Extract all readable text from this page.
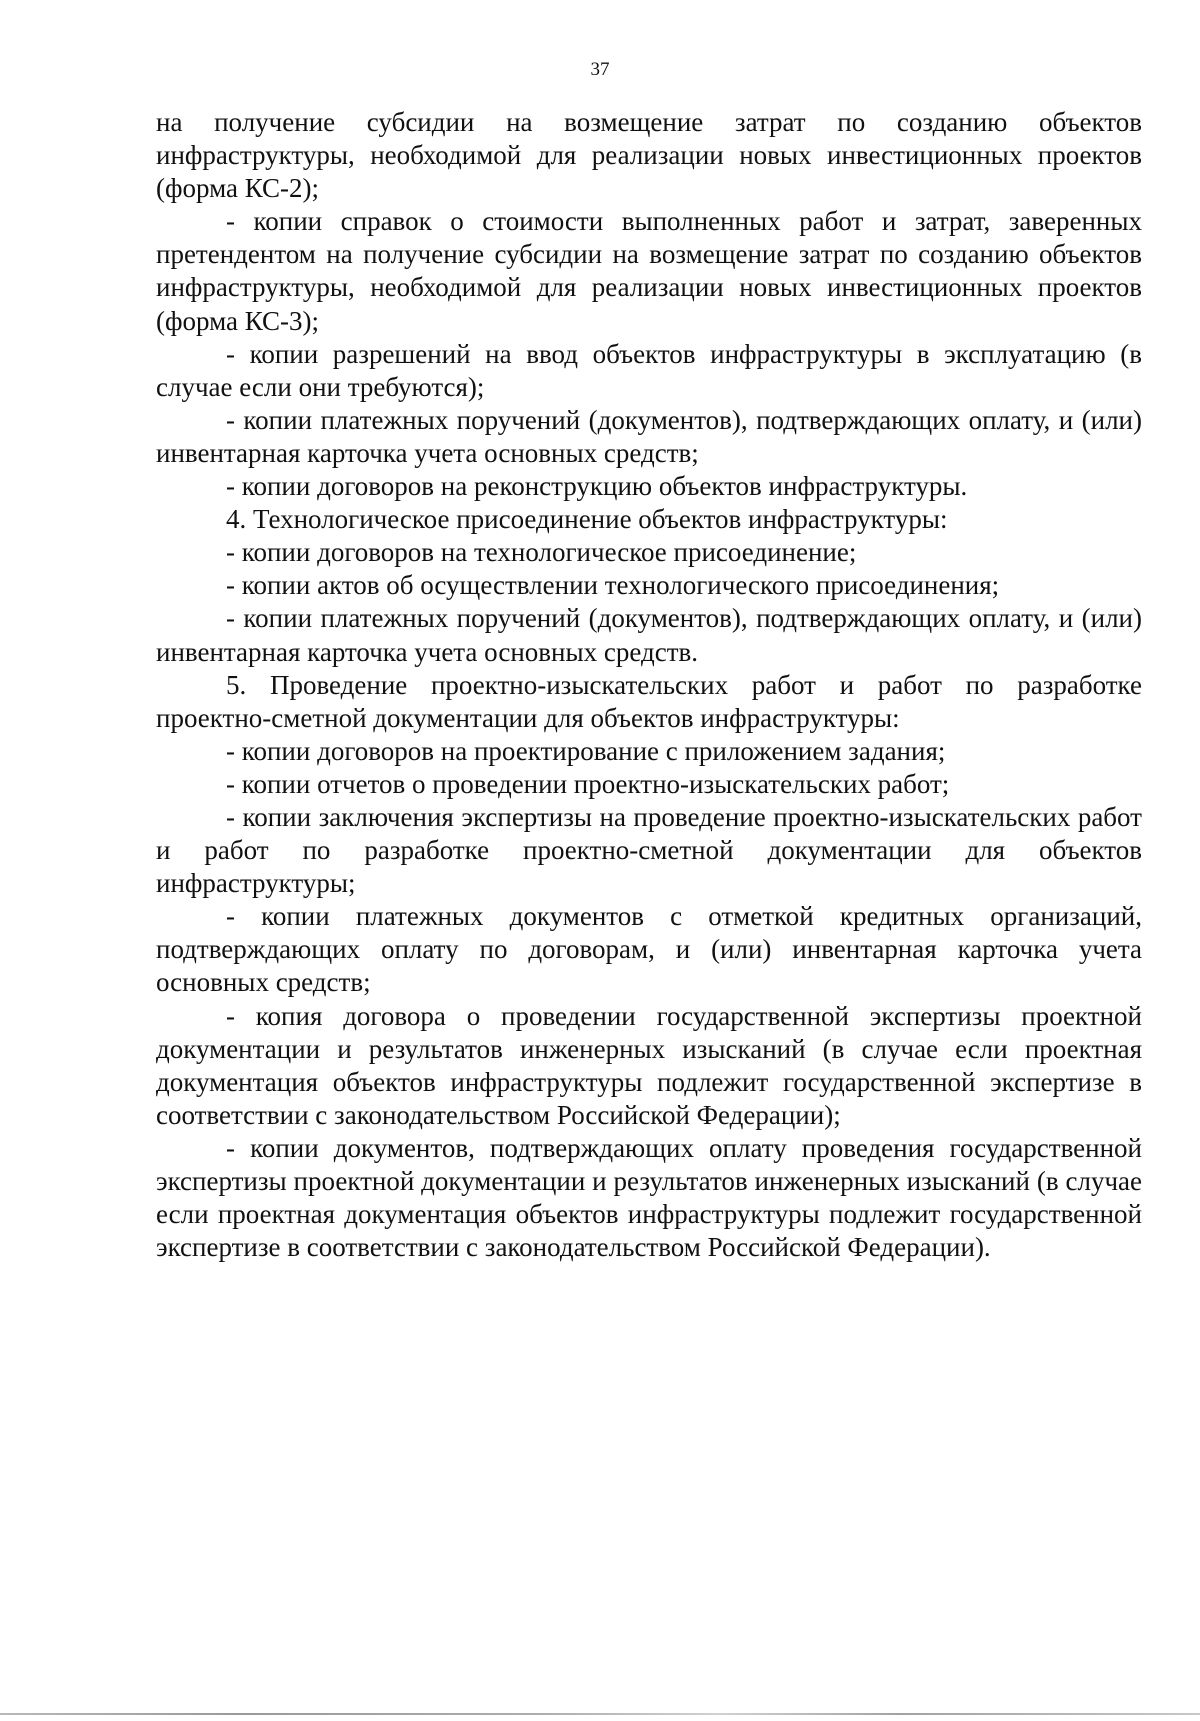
37

на получение субсидии на возмещение затрат по созданию объектов инфраструктуры, необходимой для реализации новых инвестиционных проектов (форма КС-2);

- копии справок о стоимости выполненных работ и затрат, заверенных претендентом на получение субсидии на возмещение затрат по созданию объектов инфраструктуры, необходимой для реализации новых инвестиционных проектов (форма КС-3);

- копии разрешений на ввод объектов инфраструктуры в эксплуатацию (в случае если они требуются);

- копии платежных поручений (документов), подтверждающих оплату, и (или) инвентарная карточка учета основных средств;

- копии договоров на реконструкцию объектов инфраструктуры.

4. Технологическое присоединение объектов инфраструктуры:

- копии договоров на технологическое присоединение;

- копии актов об осуществлении технологического присоединения;

- копии платежных поручений (документов), подтверждающих оплату, и (или) инвентарная карточка учета основных средств.

5. Проведение проектно-изыскательских работ и работ по разработке проектно-сметной документации для объектов инфраструктуры:

- копии договоров на проектирование с приложением задания;

- копии отчетов о проведении проектно-изыскательских работ;

- копии заключения экспертизы на проведение проектно-изыскательских работ и работ по разработке проектно-сметной документации для объектов инфраструктуры;

- копии платежных документов с отметкой кредитных организаций, подтверждающих оплату по договорам, и (или) инвентарная карточка учета основных средств;

- копия договора о проведении государственной экспертизы проектной документации и результатов инженерных изысканий (в случае если проектная документация объектов инфраструктуры подлежит государственной экспертизе в соответствии с законодательством Российской Федерации);

- копии документов, подтверждающих оплату проведения государственной экспертизы проектной документации и результатов инженерных изысканий (в случае если проектная документация объектов инфраструктуры подлежит государственной экспертизе в соответствии с законодательством Российской Федерации).
